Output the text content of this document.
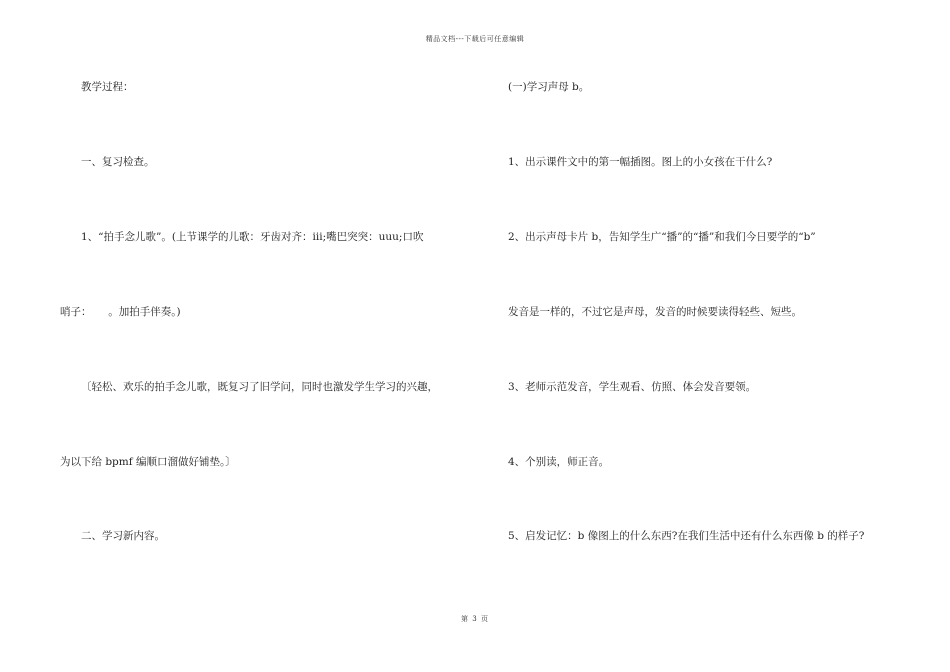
精品文档---下载后可任意编辑
教学过程：
一、复习检查。
1、“拍手念儿歌”。(上节课学的儿歌：牙齿对齐：iii;嘴巴突突：uuu;口吹
哨子：     。加拍手伴奏。)
〔轻松、欢乐的拍手念儿歌，既复习了旧学问，同时也激发学生学习的兴趣，
为以下给 bpmf 编顺口溜做好铺垫。〕
二、学习新内容。
(一)学习声母 b。
1、出示课件文中的第一幅插图。图上的小女孩在干什么?
2、出示声母卡片 b，告知学生广“播”的“播”和我们今日要学的“b”
发音是一样的，不过它是声母，发音的时候要读得轻些、短些。
3、老师示范发音，学生观看、仿照、体会发音要领。
4、个别读，师正音。
5、启发记忆：b 像图上的什么东西?在我们生活中还有什么东西像 b 的样子?
第 3 页
